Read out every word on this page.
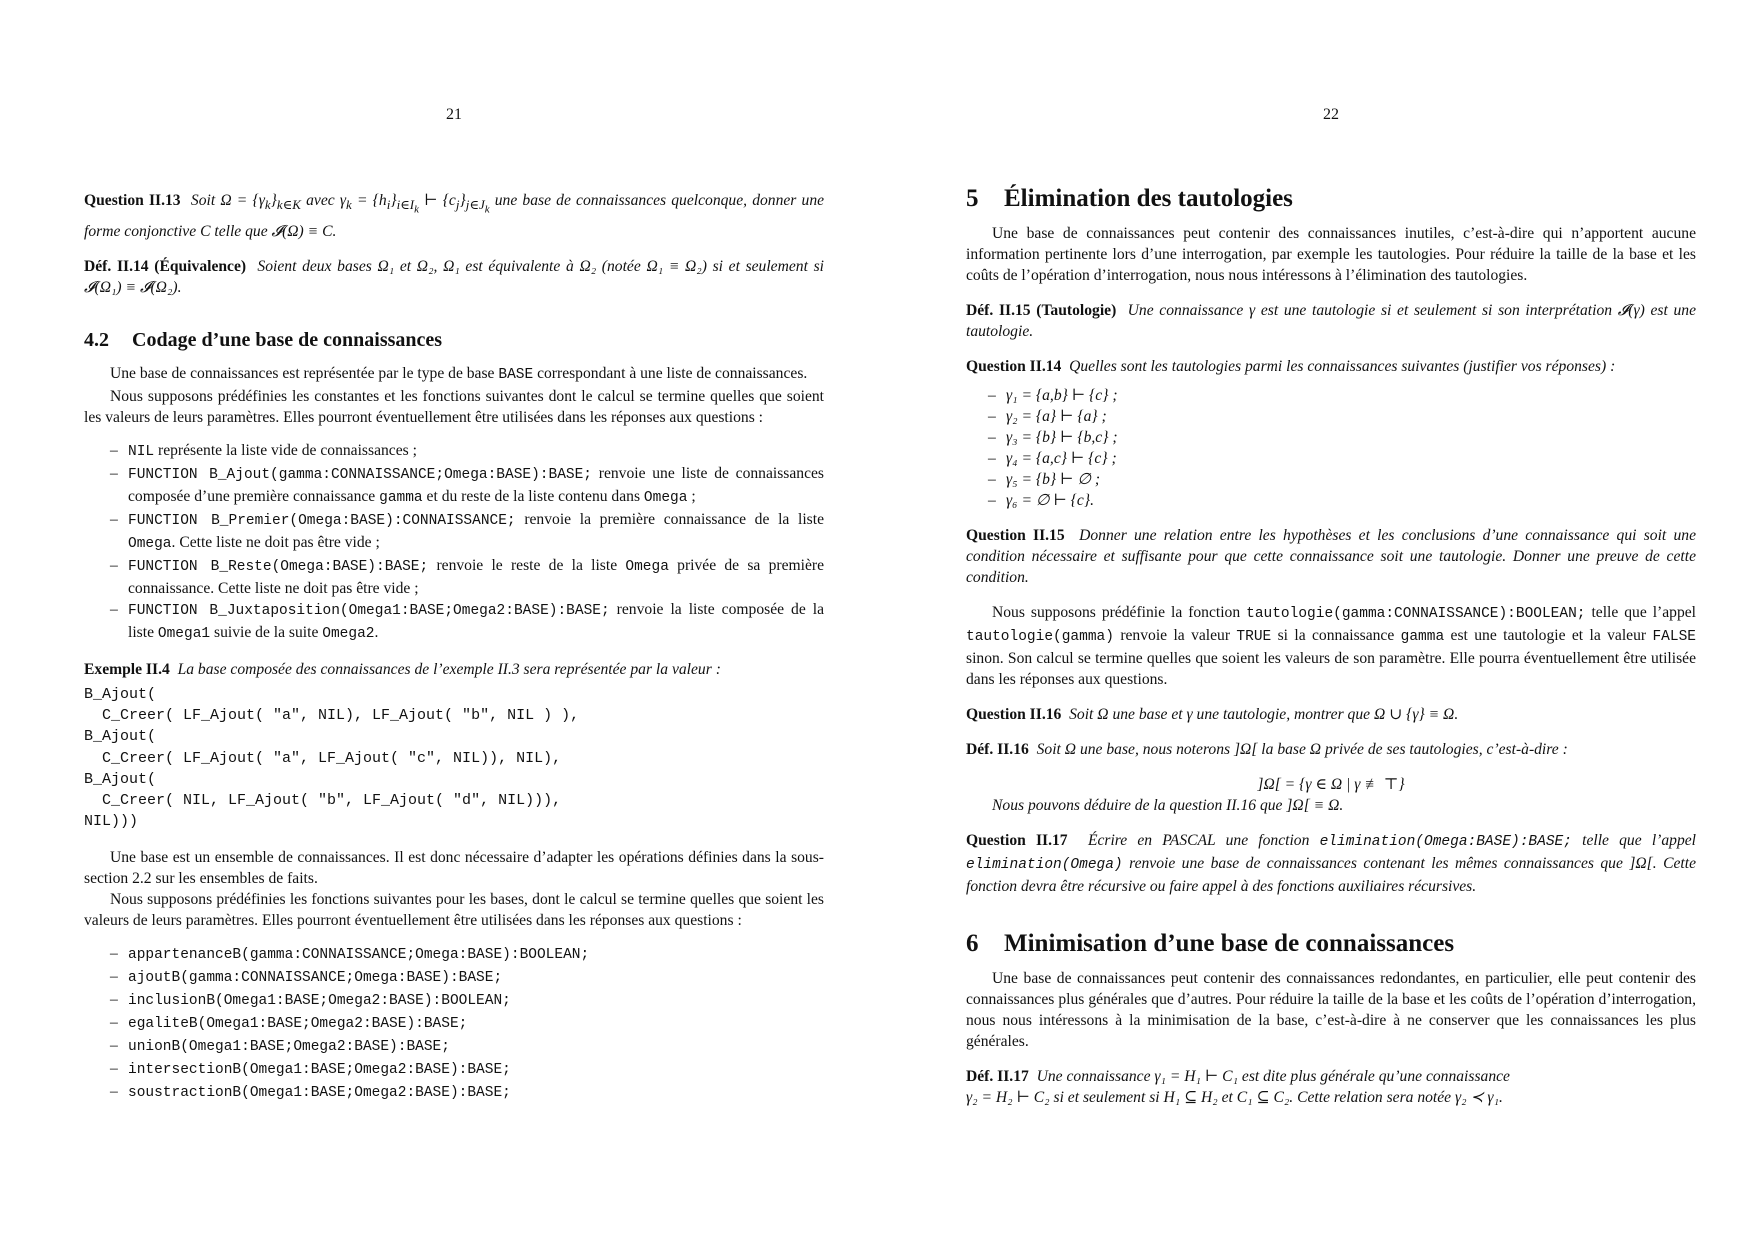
21

Question II.13 Soit $\Omega = \{\gamma_k\}_{k\in K}$ avec $\gamma_k = \{h_i\}_{i\in I_k}$ ⊢ $\{c_j\}_{j\in J_k}$ une base de connaissances quelconque, donner une forme conjonctive C telle que 𝓘(Ω) ≡ C.

Déf. II.14 (Équivalence) Soient deux bases Ω₁ et Ω₂, Ω₁ est équivalente à Ω₂ (notée Ω₁ ≡ Ω₂) si et seulement si 𝓘(Ω₁) ≡ 𝓘(Ω₂).

4.2 Codage d’une base de connaissances

Une base de connaissances est représentée par le type de base BASE correspondant à une liste de connaissances.

Nous supposons prédéfinies les constantes et les fonctions suivantes dont le calcul se termine quelles que soient les valeurs de leurs paramètres. Elles pourront éventuellement être utilisées dans les réponses aux questions :

– NIL représente la liste vide de connaissances ;
– FUNCTION B_Ajout(gamma:CONNAISSANCE;Omega:BASE):BASE; renvoie une liste de connaissances composée d’une première connaissance gamma et du reste de la liste contenu dans Omega ;
– FUNCTION B_Premier(Omega:BASE):CONNAISSANCE; renvoie la première connaissance de la liste Omega. Cette liste ne doit pas être vide ;
– FUNCTION B_Reste(Omega:BASE):BASE; renvoie le reste de la liste Omega privée de sa première connaissance. Cette liste ne doit pas être vide ;
– FUNCTION B_Juxtaposition(Omega1:BASE;Omega2:BASE):BASE; renvoie la liste composée de la liste Omega1 suivie de la suite Omega2.

Exemple II.4 La base composée des connaissances de l’exemple II.3 sera représentée par la valeur :

B_Ajout(
C_Creer( LF_Ajout( "a", NIL), LF_Ajout( "b", NIL ) ),
B_Ajout(
C_Creer( LF_Ajout( "a", LF_Ajout( "c", NIL)), NIL),
B_Ajout(
C_Creer( NIL, LF_Ajout( "b", LF_Ajout( "d", NIL))),
NIL)))

Une base est un ensemble de connaissances. Il est donc nécessaire d’adapter les opérations définies dans la sous-section 2.2 sur les ensembles de faits.

Nous supposons prédéfinies les fonctions suivantes pour les bases, dont le calcul se termine quelles que soient les valeurs de leurs paramètres. Elles pourront éventuellement être utilisées dans les réponses aux questions :

– appartenanceB(gamma:CONNAISSANCE;Omega:BASE):BOOLEAN;
– ajoutB(gamma:CONNAISSANCE;Omega:BASE):BASE;
– inclusionB(Omega1:BASE;Omega2:BASE):BOOLEAN;
– egaliteB(Omega1:BASE;Omega2:BASE):BASE;
– unionB(Omega1:BASE;Omega2:BASE):BASE;
– intersectionB(Omega1:BASE;Omega2:BASE):BASE;
– soustractionB(Omega1:BASE;Omega2:BASE):BASE;
22
5 Élimination des tautologies

Une base de connaissances peut contenir des connaissances inutiles, c’est-à-dire qui n’apportent aucune information pertinente lors d’une interrogation, par exemple les tautologies. Pour réduire la taille de la base et les coûts de l’opération d’interrogation, nous nous intéressons à l’élimination des tautologies.

Déf. II.15 (Tautologie) Une connaissance γ est une tautologie si et seulement si son interprétation 𝓘(γ) est une tautologie.

Question II.14 Quelles sont les tautologies parmi les connaissances suivantes (justifier vos réponses) :

– γ₁ = {a,b} ⊢ {c} ;
– γ₂ = {a} ⊢ {a} ;
– γ₃ = {b} ⊢ {b,c} ;
– γ₄ = {a,c} ⊢ {c} ;
– γ₅ = {b} ⊢ ∅ ;
– γ₆ = ∅ ⊢ {c}.

Question II.15 Donner une relation entre les hypothèses et les conclusions d’une connaissance qui soit une condition nécessaire et suffisante pour que cette connaissance soit une tautologie. Donner une preuve de cette condition.

Nous supposons prédéfinie la fonction tautologie(gamma:CONNAISSANCE):BOOLEAN; telle que l’appel tautologie(gamma) renvoie la valeur TRUE si la connaissance gamma est une tautologie et la valeur FALSE sinon. Son calcul se termine quelles que soient les valeurs de son paramètre. Elle pourra éventuellement être utilisée dans les réponses aux questions.

Question II.16 Soit Ω une base et γ une tautologie, montrer que Ω ∪ {γ} ≡ Ω.

Déf. II.16 Soit Ω une base, nous noterons ]Ω[ la base Ω privée de ses tautologies, c’est-à-dire :

]Ω[ = {γ ∈ Ω | γ ≢ ⊤}

Nous pouvons déduire de la question II.16 que ]Ω[ ≡ Ω.

Question II.17 Écrire en PASCAL une fonction elimination(Omega:BASE):BASE; telle que l’appel elimination(Omega) renvoie une base de connaissances contenant les mêmes connaissances que ]Ω[. Cette fonction devra être récursive ou faire appel à des fonctions auxiliaires récursives.

6 Minimisation d’une base de connaissances

Une base de connaissances peut contenir des connaissances redondantes, en particulier, elle peut contenir des connaissances plus générales que d’autres. Pour réduire la taille de la base et les coûts de l’opération d’interrogation, nous nous intéressons à la minimisation de la base, c’est-à-dire à ne conserver que les connaissances les plus générales.

Déf. II.17 Une connaissance γ₁ = H₁ ⊢ C₁ est dite plus générale qu’une connaissance
γ₂ = H₂ ⊢ C₂ si et seulement si H₁ ⊆ H₂ et C₁ ⊆ C₂. Cette relation sera notée γ₂ ≺ γ₁.
